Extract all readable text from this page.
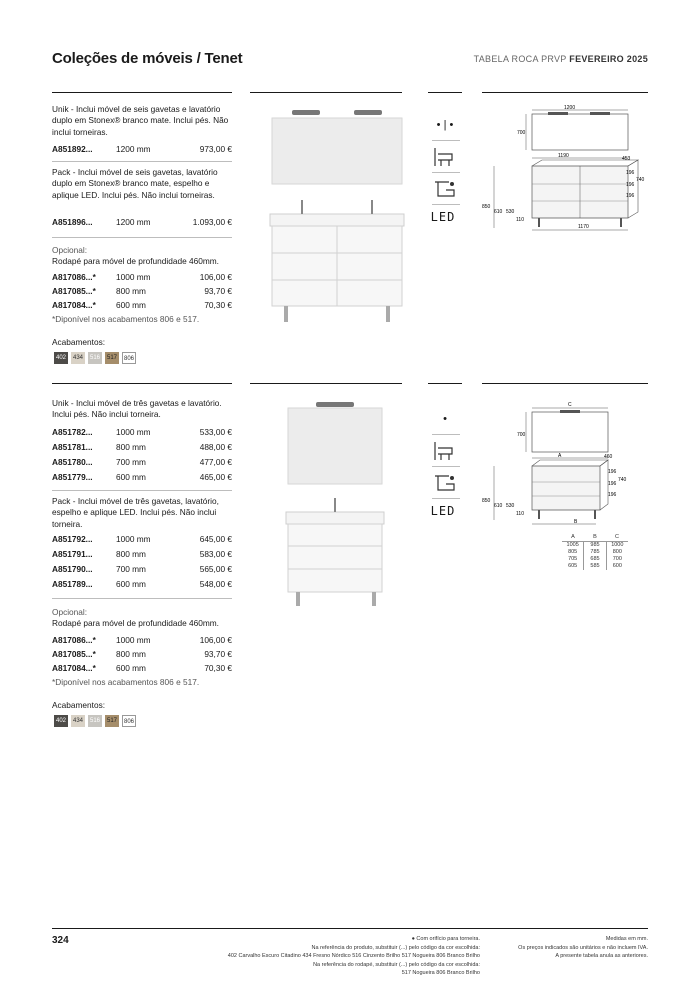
Coleções de móveis / Tenet	TABELA ROCA PRVP FEVEREIRO 2025
Unik - Inclui móvel de seis gavetas e lavatório duplo em Stonex® branco mate. Inclui pés. Não inclui torneiras.
A851892...	1200 mm	973,00 €
Pack - Inclui móvel de seis gavetas, lavatório duplo em Stonex® branco mate, espelho e aplique LED. Inclui pés. Não inclui torneiras.
A851896...	1200 mm	1.093,00 €
Opcional:
Rodapé para móvel de profundidade 460mm.
A817086...* 1000 mm	106,00 €
A817085...* 800 mm	93,70 €
A817084...* 600 mm	70,30 €
*Diponível nos acabamentos 806 e 517.
Acabamentos:
402	434	516	517	806
• | •
LED
1200
700
1190	453
196
196
196
740
850
610 530
110
1170
Unik - Inclui móvel de três gavetas e lavatório. Inclui pés. Não inclui torneira.
A851782...	1000 mm	533,00 €
A851781...	800 mm	488,00 €
A851780...	700 mm	477,00 €
A851779...	600 mm	465,00 €
Pack - Inclui móvel de três gavetas, lavatório, espelho e aplique LED. Inclui pés. Não inclui torneira.
A851792...	1000 mm	645,00 €
A851791...	800 mm	583,00 €
A851790...	700 mm	565,00 €
A851789...	600 mm	548,00 €
Opcional:
Rodapé para móvel de profundidade 460mm.
A817086...* 1000 mm	106,00 €
A817085...* 800 mm	93,70 €
A817084...* 600 mm	70,30 €
*Diponível nos acabamentos 806 e 517.
Acabamentos:
402	434	516	517	806
•
LED
C
700
A	460
196
196
196
740
850
610 530
110
B
A	B	C
1005	985	1000
805	785	800
705	685	700
605	585	600
324	● Com orifício para torneira.
Na referência do produto, substituir (...) pelo código da cor escolhida:
402 Carvalho Escuro Citadino 434 Fresno Nórdico 516 Cinzento Brilho 517 Nogueira 806 Branco Brilho
Na referência do rodapé, substituir (...) pelo código da cor escolhida:
517 Nogueira 806 Branco Brilho
Medidas em mm.
Os preços indicados são unitários e não incluem IVA.
A presente tabela anula as anteriores.
